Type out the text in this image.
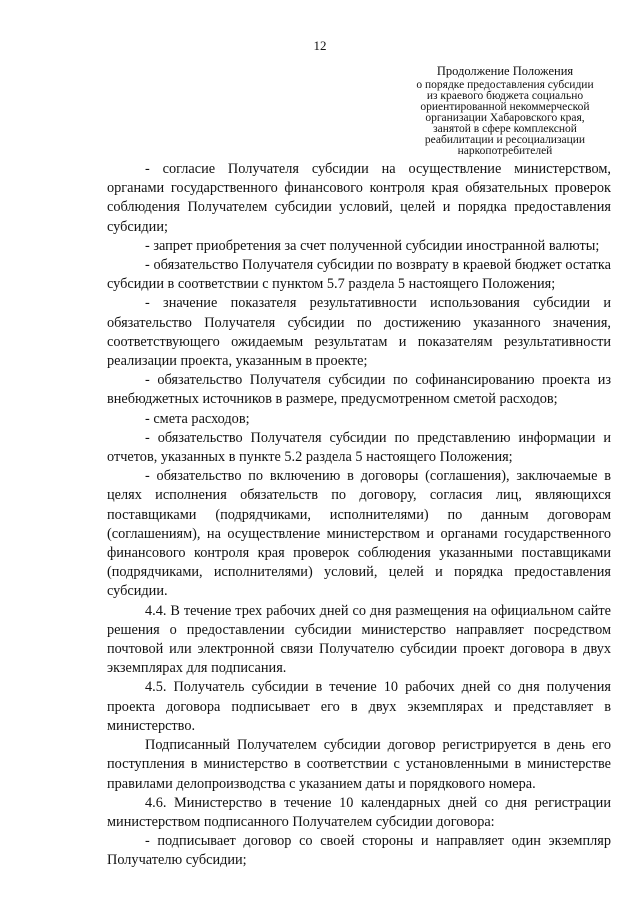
12
Продолжение Положения
о порядке предоставления субсидии
из краевого бюджета социально
ориентированной некоммерческой
организации Хабаровского края,
занятой в сфере комплексной
реабилитации и ресоциализации
наркопотребителей

- согласие Получателя субсидии на осуществление министерством, органами государственного финансового контроля края обязательных проверок соблюдения Получателем субсидии условий, целей и порядка предоставления субсидии;

- запрет приобретения за счет полученной субсидии иностранной валюты;

- обязательство Получателя субсидии по возврату в краевой бюджет остатка субсидии в соответствии с пунктом 5.7 раздела 5 настоящего Положения;

- значение показателя результативности использования субсидии и обязательство Получателя субсидии по достижению указанного значения, соответствующего ожидаемым результатам и показателям результативности реализации проекта, указанным в проекте;

- обязательство Получателя субсидии по софинансированию проекта из внебюджетных источников в размере, предусмотренном сметой расходов;

- смета расходов;

- обязательство Получателя субсидии по представлению информации и отчетов, указанных в пункте 5.2 раздела 5 настоящего Положения;

- обязательство по включению в договоры (соглашения), заключаемые в целях исполнения обязательств по договору, согласия лиц, являющихся поставщиками (подрядчиками, исполнителями) по данным договорам (соглашениям), на осуществление министерством и органами государственного финансового контроля края проверок соблюдения указанными поставщиками (подрядчиками, исполнителями) условий, целей и порядка предоставления субсидии.

4.4. В течение трех рабочих дней со дня размещения на официальном сайте решения о предоставлении субсидии министерство направляет посредством почтовой или электронной связи Получателю субсидии проект договора в двух экземплярах для подписания.

4.5. Получатель субсидии в течение 10 рабочих дней со дня получения проекта договора подписывает его в двух экземплярах и представляет в министерство.

Подписанный Получателем субсидии договор регистрируется в день его поступления в министерство в соответствии с установленными в министерстве правилами делопроизводства с указанием даты и порядкового номера.

4.6. Министерство в течение 10 календарных дней со дня регистрации министерством подписанного Получателем субсидии договора:

- подписывает договор со своей стороны и направляет один экземпляр Получателю субсидии;
